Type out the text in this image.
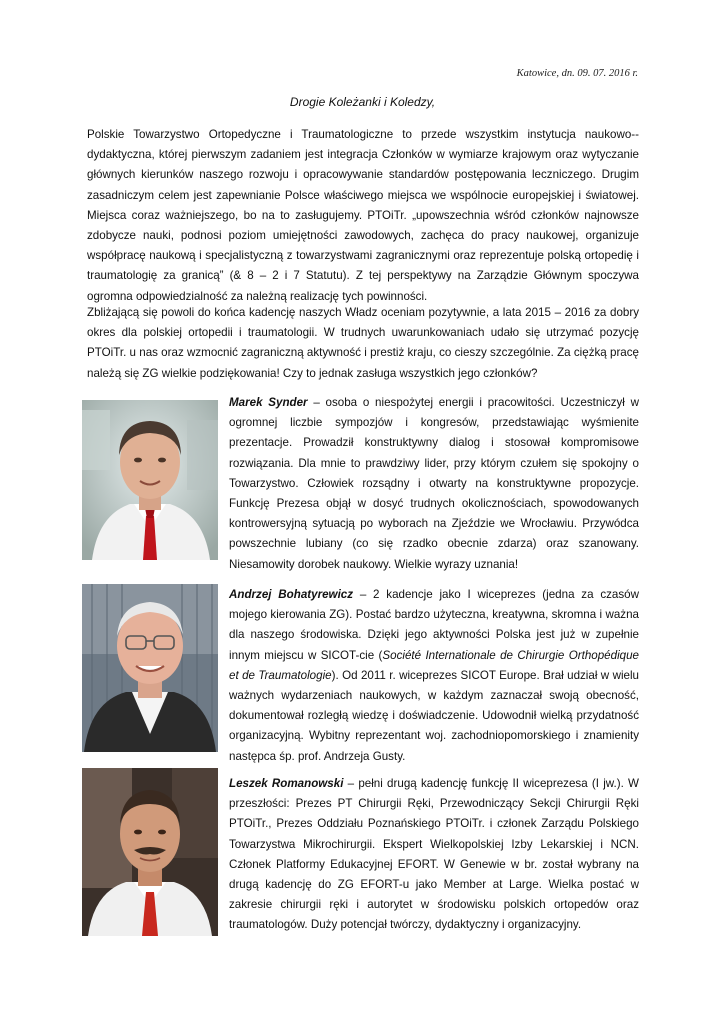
Katowice, dn. 09. 07. 2016 r.
Drogie Koleżanki i Koledzy,
Polskie Towarzystwo Ortopedyczne i Traumatologiczne to przede wszystkim instytucja naukowo--dydaktyczna, której pierwszym zadaniem jest integracja Członków w wymiarze krajowym oraz wytyczanie głównych kierunków naszego rozwoju i opracowywanie standardów postępowania leczniczego. Drugim zasadniczym celem jest zapewnianie Polsce właściwego miejsca we wspólnocie europejskiej i światowej. Miejsca coraz ważniejszego, bo na to zasługujemy. PTOiTr. „upowszechnia wśród członków najnowsze zdobycze nauki, podnosi poziom umiejętności zawodowych, zachęca do pracy naukowej, organizuje współpracę naukową i specjalistyczną z towarzystwami zagranicznymi oraz reprezentuje polską ortopedię i traumatologię za granicą” (& 8 – 2 i 7 Statutu). Z tej perspektywy na Zarządzie Głównym spoczywa ogromna odpowiedzialność za należną realizację tych powinności.
Zbliżającą się powoli do końca kadencję naszych Władz oceniam pozytywnie, a lata 2015 – 2016 za dobry okres dla polskiej ortopedii i traumatologii. W trudnych uwarunkowaniach udało się utrzymać pozycję PTOiTr. u nas oraz wzmocnić zagraniczną aktywność i prestiż kraju, co cieszy szczególnie. Za ciężką pracę należą się ZG wielkie podziękowania! Czy to jednak zasługa wszystkich jego członków?
Marek Synder – osoba o niespożytej energii i pracowitości. Uczestniczył w ogromnej liczbie sympozjów i kongresów, przedstawiając wyśmienite prezentacje. Prowadził konstruktywny dialog i stosował kompromisowe rozwiązania. Dla mnie to prawdziwy lider, przy którym czułem się spokojny o Towarzystwo. Człowiek rozsądny i otwarty na konstruktywne propozycje. Funkcję Prezesa objął w dosyć trudnych okolicznościach, spowodowanych kontrowersyjną sytuacją po wyborach na Zjeździe we Wrocławiu. Przywódca powszechnie lubiany (co się rzadko obecnie zdarza) oraz szanowany. Niesamowity dorobek naukowy. Wielkie wyrazy uznania!
Andrzej Bohatyrewicz – 2 kadencje jako I wiceprezes (jedna za czasów mojego kierowania ZG). Postać bardzo użyteczna, kreatywna, skromna i ważna dla naszego środowiska. Dzięki jego aktywności Polska jest już w zupełnie innym miejscu w SICOT-cie (Société Internationale de Chirurgie Orthopédique et de Traumatologie). Od 2011 r. wiceprezes SICOT Europe. Brał udział w wielu ważnych wydarzeniach naukowych, w każdym zaznaczał swoją obecność, dokumentował rozległą wiedzę i doświadczenie. Udowodnił wielką przydatność organizacyjną. Wybitny reprezentant woj. zachodniopomorskiego i znamienity następca śp. prof. Andrzeja Gusty.
Leszek Romanowski – pełni drugą kadencję funkcję II wiceprezesa (I jw.). W przeszłości: Prezes PT Chirurgii Ręki, Przewodniczący Sekcji Chirurgii Ręki PTOiTr., Prezes Oddziału Poznańskiego PTOiTr. i członek Zarządu Polskiego Towarzystwa Mikrochirurgii. Ekspert Wielkopolskiej Izby Lekarskiej i NCN. Członek Platformy Edukacyjnej EFORT. W Genewie w br. został wybrany na drugą kadencję do ZG EFORT-u jako Member at Large. Wielka postać w zakresie chirurgii ręki i autorytet w środowisku polskich ortopedów oraz traumatologów. Duży potencjał twórczy, dydaktyczny i organizacyjny.
